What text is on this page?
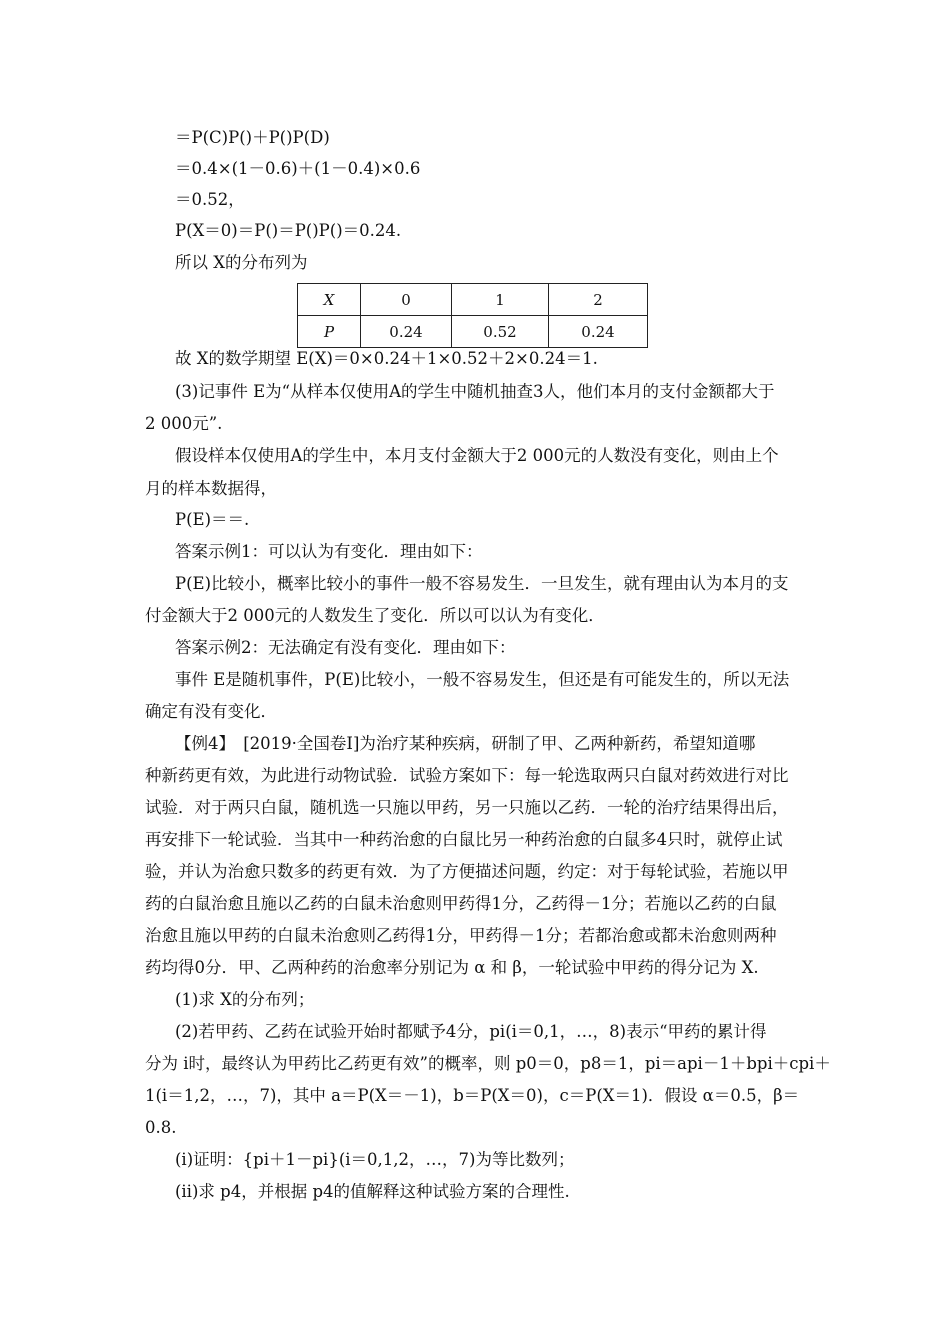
＝P(C)P()＋P()P(D)
＝0.4×(1－0.6)＋(1－0.4)×0.6
＝0.52，
P(X＝0)＝P()＝P()P()＝0.24.
所以 X的分布列为
X	0	1	2
P	0.24	0.52	0.24
故 X的数学期望 E(X)＝0×0.24＋1×0.52＋2×0.24＝1.
(3)记事件 E为“从样本仅使用A的学生中随机抽查3人，他们本月的支付金额都大于
2 000元”.
假设样本仅使用A的学生中，本月支付金额大于2 000元的人数没有变化，则由上个
月的样本数据得，
P(E)＝＝.
答案示例1：可以认为有变化．理由如下：
P(E)比较小，概率比较小的事件一般不容易发生．一旦发生，就有理由认为本月的支
付金额大于2 000元的人数发生了变化．所以可以认为有变化．
答案示例2：无法确定有没有变化．理由如下：
事件 E是随机事件，P(E)比较小，一般不容易发生，但还是有可能发生的，所以无法
确定有没有变化．
【例4】　[2019·全国卷Ⅰ]为治疗某种疾病，研制了甲、乙两种新药，希望知道哪
种新药更有效，为此进行动物试验．试验方案如下：每一轮选取两只白鼠对药效进行对比
试验．对于两只白鼠，随机选一只施以甲药，另一只施以乙药．一轮的治疗结果得出后，
再安排下一轮试验．当其中一种药治愈的白鼠比另一种药治愈的白鼠多4只时，就停止试
验，并认为治愈只数多的药更有效．为了方便描述问题，约定：对于每轮试验，若施以甲
药的白鼠治愈且施以乙药的白鼠未治愈则甲药得1分，乙药得－1分；若施以乙药的白鼠
治愈且施以甲药的白鼠未治愈则乙药得1分，甲药得－1分；若都治愈或都未治愈则两种
药均得0分．甲、乙两种药的治愈率分别记为 α 和 β，一轮试验中甲药的得分记为 X.
(1)求 X的分布列；
(2)若甲药、乙药在试验开始时都赋予4分，pi(i＝0,1，…，8)表示“甲药的累计得
分为 i时，最终认为甲药比乙药更有效”的概率，则 p0＝0，p8＝1，pi＝api－1＋bpi＋cpi＋
1(i＝1,2，…，7)，其中 a＝P(X＝－1)，b＝P(X＝0)，c＝P(X＝1)．假设 α＝0.5，β＝
0.8.
(ⅰ)证明：{pi＋1－pi}(i＝0,1,2，…，7)为等比数列；
(ⅱ)求 p4，并根据 p4的值解释这种试验方案的合理性.
